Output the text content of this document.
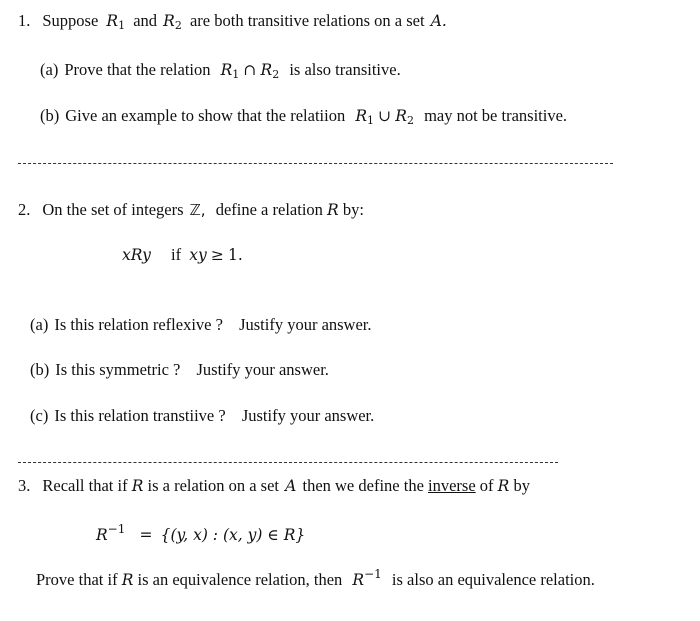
1. Suppose $R_1$ and $R_2$ are both transitive relations on a set A.
(a) Prove that the relation $R_1$ ∩ $R_2$ is also transitive.
(b) Give an example to show that the relatiion $R_1$ ∪ $R_2$ may not be transitive.
2. On the set of integers ℤ, define a relation R by:
xRy if xy ≥ 1.
(a) Is this relation reflexive ? Justify your answer.
(b) Is this symmetric ? Justify your answer.
(c) Is this relation transtiive ? Justify your answer.
3. Recall that if R is a relation on a set A then we define the inverse of R by
$R^{-1} = \{(y$, x) : (x, y) ∈ R}
Prove that if R is an equivalence relation, then $R^{-1}$ is also an equivalence relation.
